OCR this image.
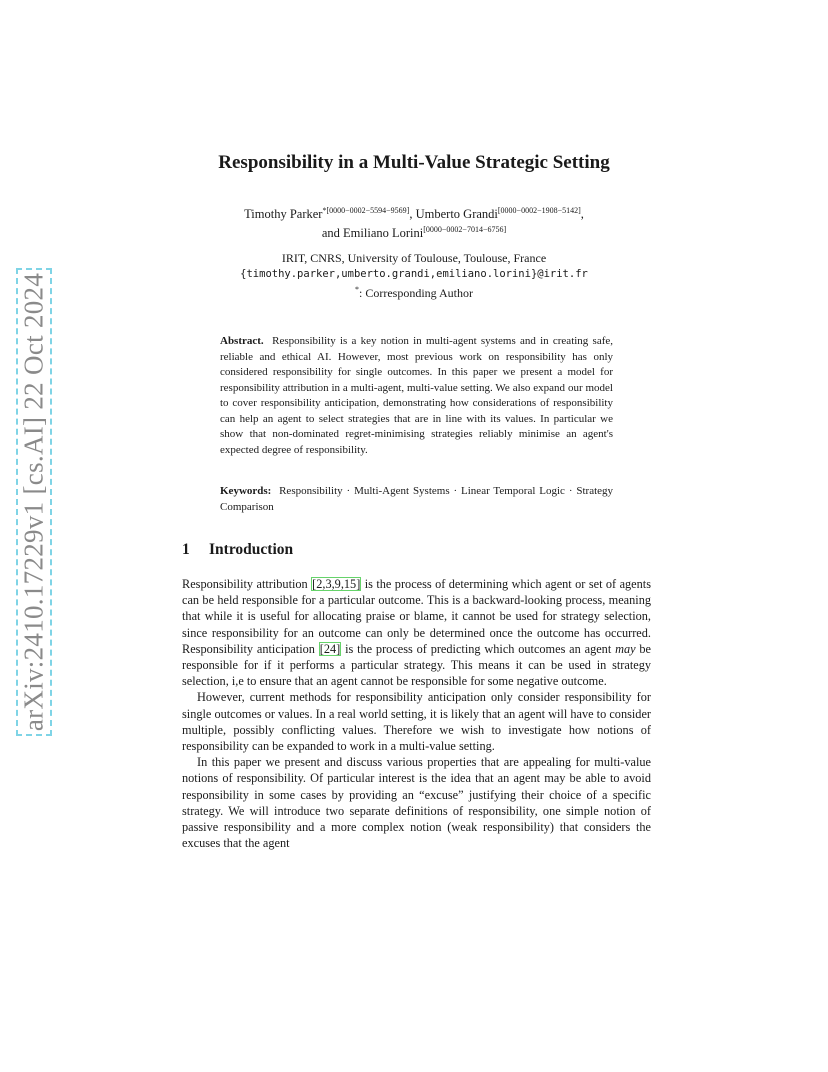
arXiv:2410.17229v1 [cs.AI] 22 Oct 2024
Responsibility in a Multi-Value Strategic Setting
Timothy Parker$^{*[0000-0002-5594-9569]}$, Umberto Grandi[0000−0002−1908−5142],
and Emiliano Lorini[0000−0002−7014−6756]
IRIT, CNRS, University of Toulouse, Toulouse, France
{timothy.parker,umberto.grandi,emiliano.lorini}@irit.fr
*: Corresponding Author
Abstract. Responsibility is a key notion in multi-agent systems and in creating safe, reliable and ethical AI. However, most previous work on responsibility has only considered responsibility for single outcomes. In this paper we present a model for responsibility attribution in a multi-agent, multi-value setting. We also expand our model to cover responsibility anticipation, demonstrating how considerations of responsibility can help an agent to select strategies that are in line with its values. In particular we show that non-dominated regret-minimising strategies reliably minimise an agent's expected degree of responsibility.
Keywords: Responsibility · Multi-Agent Systems · Linear Temporal Logic · Strategy Comparison
1 Introduction

Responsibility attribution [2,3,9,15] is the process of determining which agent or set of agents can be held responsible for a particular outcome. This is a backward-looking process, meaning that while it is useful for allocating praise or blame, it cannot be used for strategy selection, since responsibility for an outcome can only be determined once the outcome has occurred. Responsibility anticipation [24] is the process of predicting which outcomes an agent may be responsible for if it performs a particular strategy. This means it can be used in strategy selection, i,e to ensure that an agent cannot be responsible for some negative outcome.

However, current methods for responsibility anticipation only consider responsibility for single outcomes or values. In a real world setting, it is likely that an agent will have to consider multiple, possibly conflicting values. Therefore we wish to investigate how notions of responsibility can be expanded to work in a multi-value setting.

In this paper we present and discuss various properties that are appealing for multi-value notions of responsibility. Of particular interest is the idea that an agent may be able to avoid responsibility in some cases by providing an “excuse” justifying their choice of a specific strategy. We will introduce two separate definitions of responsibility, one simple notion of passive responsibility and a more complex notion (weak responsibility) that considers the excuses that the agent
